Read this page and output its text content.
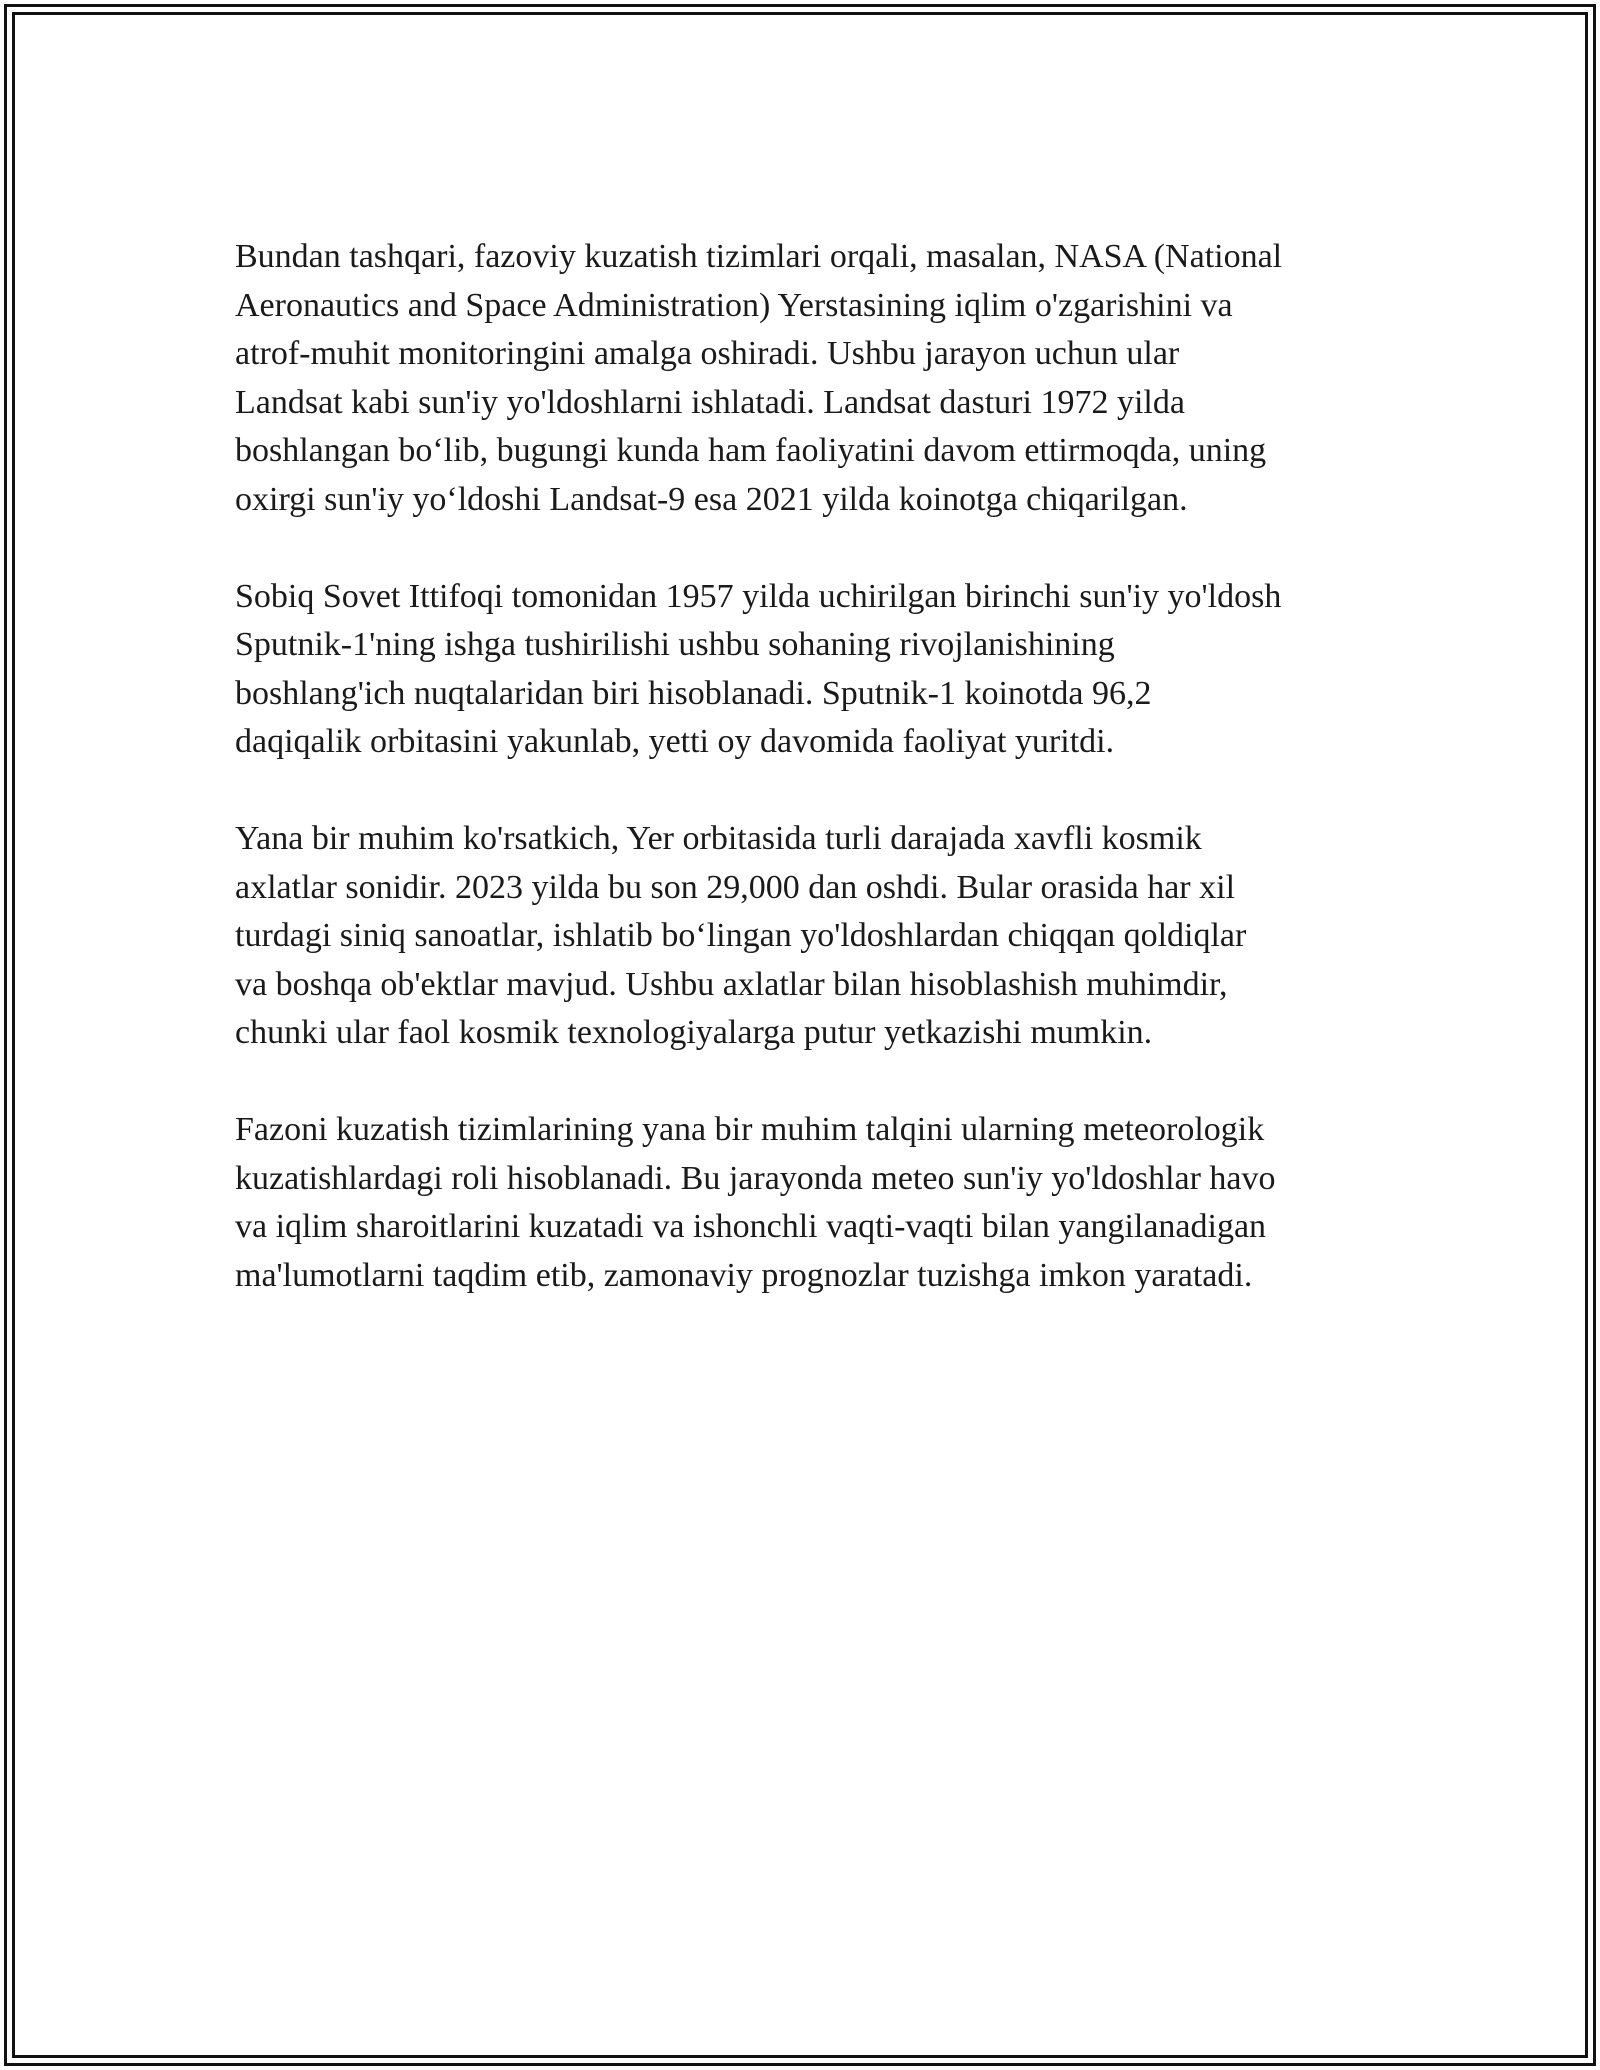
Bundan tashqari, fazoviy kuzatish tizimlari orqali, masalan, NASA (National
Aeronautics and Space Administration) Yerstasining iqlim o'zgarishini va
atrof-muhit monitoringini amalga oshiradi. Ushbu jarayon uchun ular
Landsat kabi sun'iy yo'ldoshlarni ishlatadi. Landsat dasturi 1972 yilda
boshlangan bo‘lib, bugungi kunda ham faoliyatini davom ettirmoqda, uning
oxirgi sun'iy yo‘ldoshi Landsat-9 esa 2021 yilda koinotga chiqarilgan.

Sobiq Sovet Ittifoqi tomonidan 1957 yilda uchirilgan birinchi sun'iy yo'ldosh
Sputnik-1'ning ishga tushirilishi ushbu sohaning rivojlanishining
boshlang'ich nuqtalaridan biri hisoblanadi. Sputnik-1 koinotda 96,2
daqiqalik orbitasini yakunlab, yetti oy davomida faoliyat yuritdi.

Yana bir muhim ko'rsatkich, Yer orbitasida turli darajada xavfli kosmik
axlatlar sonidir. 2023 yilda bu son 29,000 dan oshdi. Bular orasida har xil
turdagi siniq sanoatlar, ishlatib bo‘lingan yo'ldoshlardan chiqqan qoldiqlar
va boshqa ob'ektlar mavjud. Ushbu axlatlar bilan hisoblashish muhimdir,
chunki ular faol kosmik texnologiyalarga putur yetkazishi mumkin.

Fazoni kuzatish tizimlarining yana bir muhim talqini ularning meteorologik
kuzatishlardagi roli hisoblanadi. Bu jarayonda meteo sun'iy yo'ldoshlar havo
va iqlim sharoitlarini kuzatadi va ishonchli vaqti-vaqti bilan yangilanadigan
ma'lumotlarni taqdim etib, zamonaviy prognozlar tuzishga imkon yaratadi.
